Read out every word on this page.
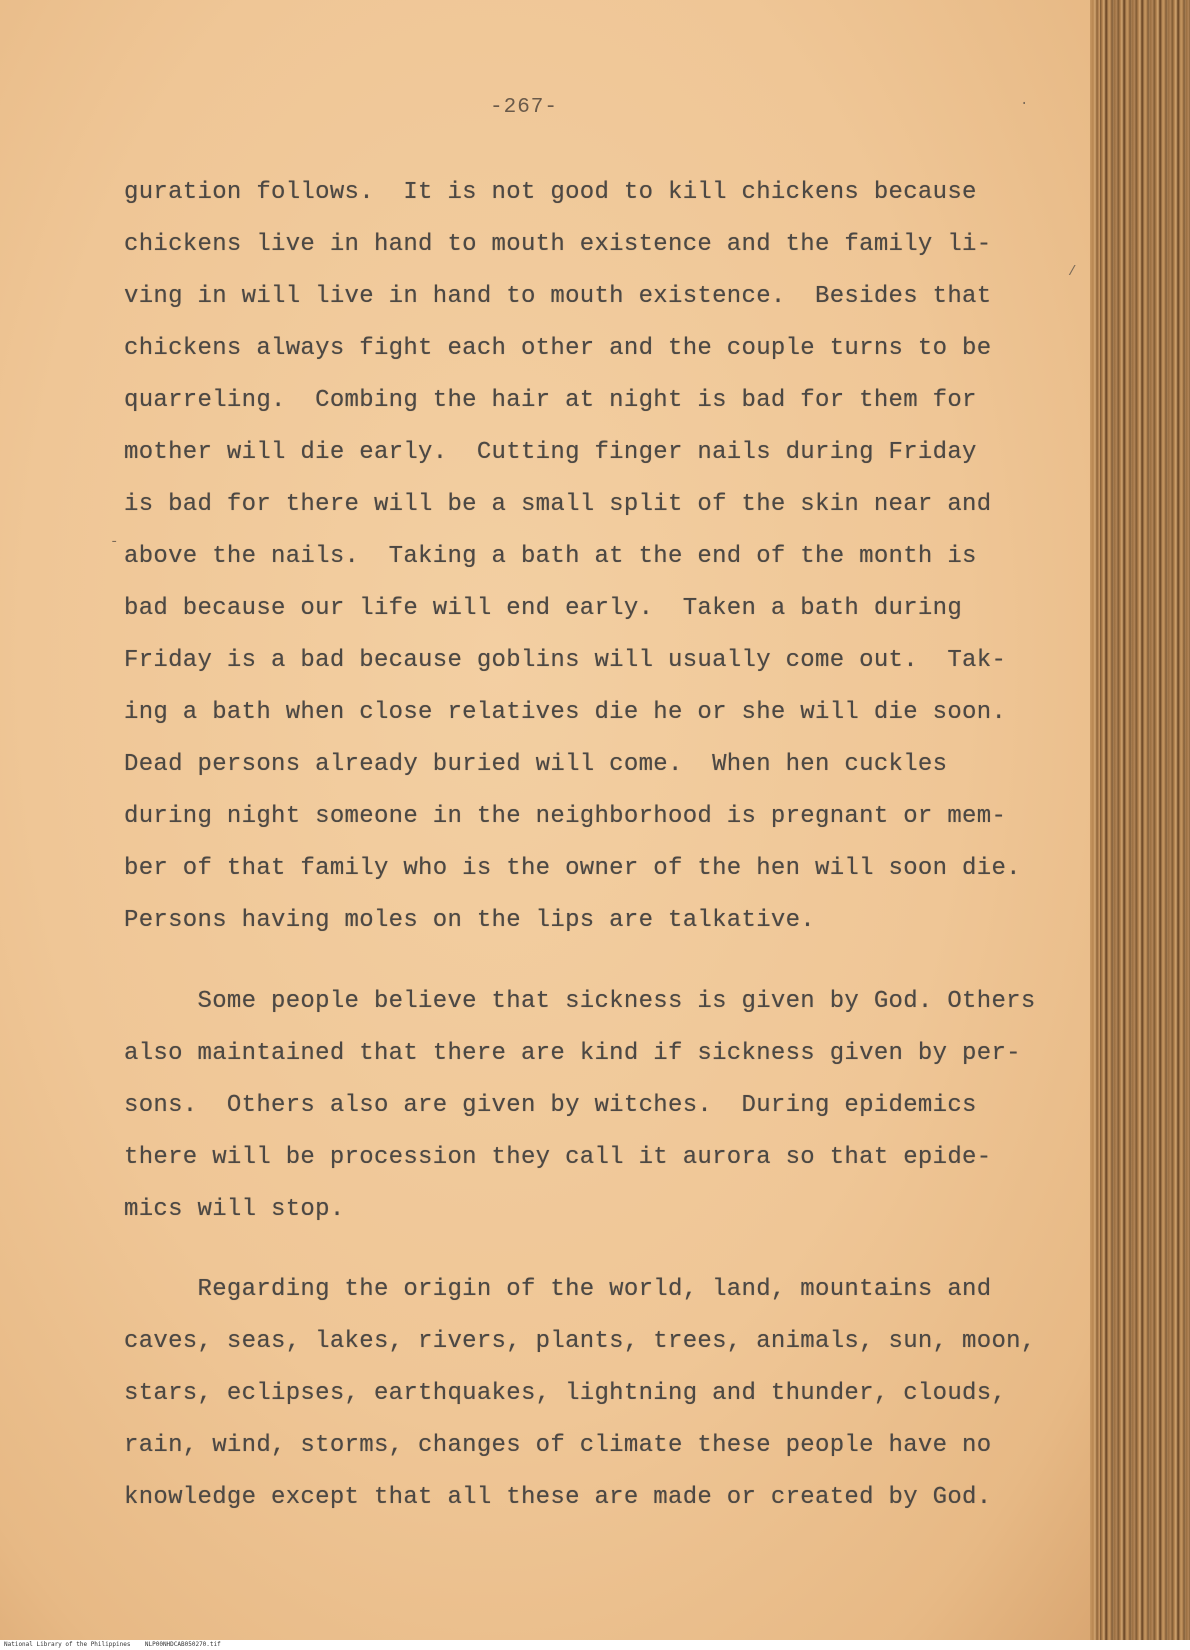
-267-

guration follows.  It is not good to kill chickens because

chickens live in hand to mouth existence and the family li-

ving in will live in hand to mouth existence.  Besides that

chickens always fight each other and the couple turns to be

quarreling.  Combing the hair at night is bad for them for

mother will die early.  Cutting finger nails during Friday

is bad for there will be a small split of the skin near and

above the nails.  Taking a bath at the end of the month is

bad because our life will end early.  Taken a bath during

Friday is a bad because goblins will usually come out.  Tak-

ing a bath when close relatives die he or she will die soon.

Dead persons already buried will come.  When hen cuckles

during night someone in the neighborhood is pregnant or mem-

ber of that family who is the owner of the hen will soon die.

Persons having moles on the lips are talkative.

Some people believe that sickness is given by God. Others

also maintained that there are kind if sickness given by per-

sons.  Others also are given by witches.  During epidemics

there will be procession they call it aurora so that epide-

mics will stop.

Regarding the origin of the world, land, mountains and

caves, seas, lakes, rivers, plants, trees, animals, sun, moon,

stars, eclipses, earthquakes, lightning and thunder, clouds,

rain, wind, storms, changes of climate these people have no

knowledge except that all these are made or created by God.

/
‐
·
National Library of the Philippines    NLP00NHDCAB050270.tif
